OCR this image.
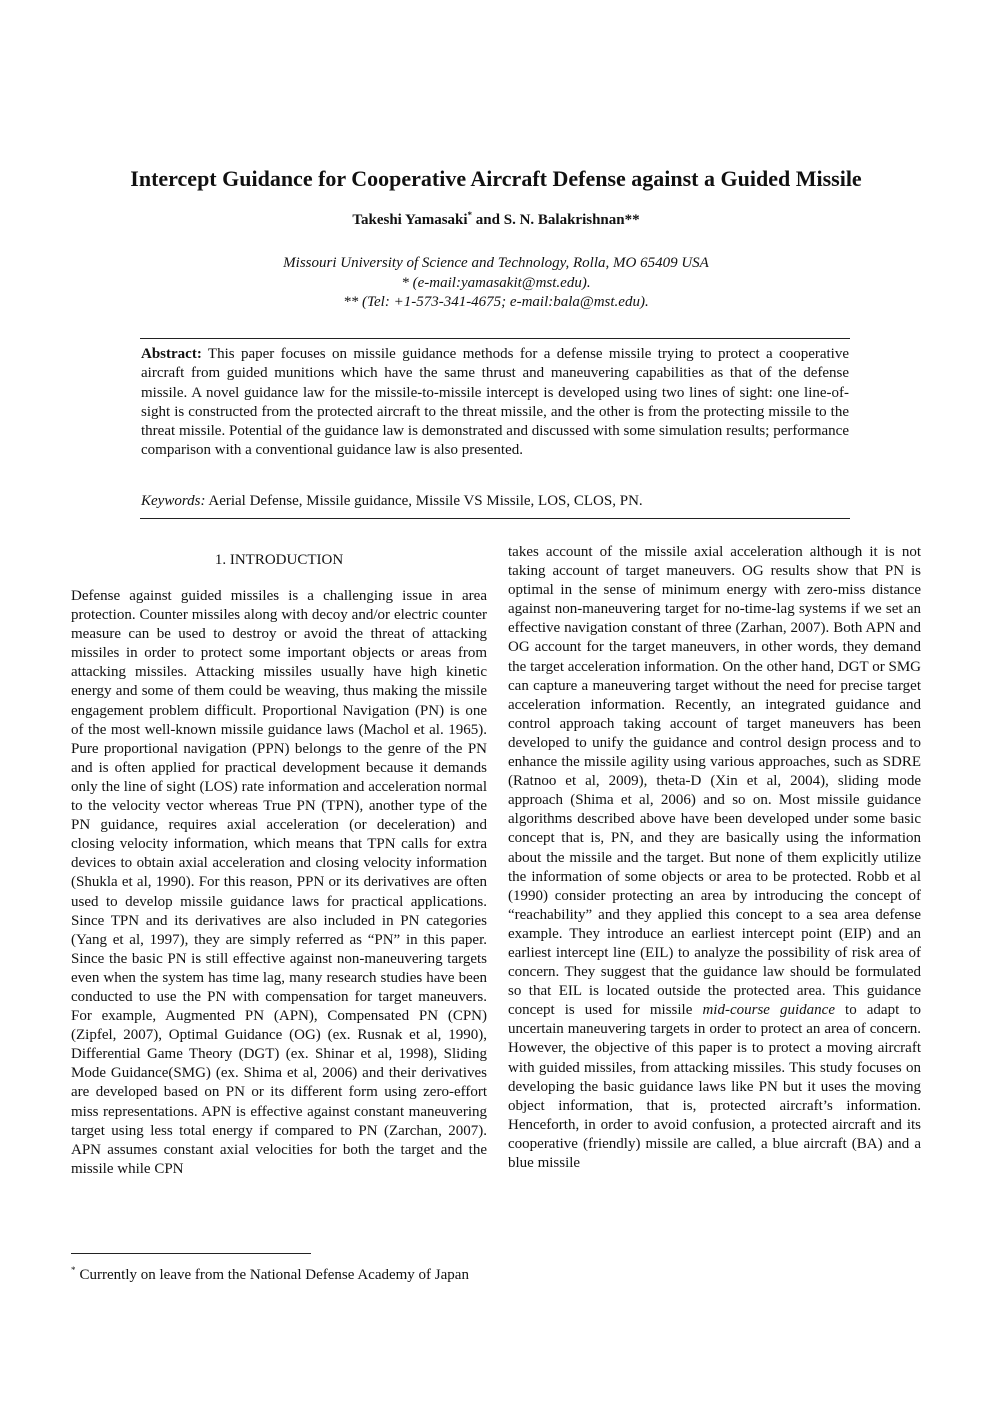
Intercept Guidance for Cooperative Aircraft Defense against a Guided Missile
Takeshi Yamasaki* and S. N. Balakrishnan**
Missouri University of Science and Technology, Rolla, MO 65409 USA
* (e-mail:yamasakit@mst.edu).
** (Tel: +1-573-341-4675; e-mail:bala@mst.edu).
Abstract: This paper focuses on missile guidance methods for a defense missile trying to protect a cooperative aircraft from guided munitions which have the same thrust and maneuvering capabilities as that of the defense missile. A novel guidance law for the missile-to-missile intercept is developed using two lines of sight: one line-of-sight is constructed from the protected aircraft to the threat missile, and the other is from the protecting missile to the threat missile. Potential of the guidance law is demonstrated and discussed with some simulation results; performance comparison with a conventional guidance law is also presented.
Keywords: Aerial Defense, Missile guidance, Missile VS Missile, LOS, CLOS, PN.
1. INTRODUCTION

Defense against guided missiles is a challenging issue in area protection. Counter missiles along with decoy and/or electric counter measure can be used to destroy or avoid the threat of attacking missiles in order to protect some important objects or areas from attacking missiles. Attacking missiles usually have high kinetic energy and some of them could be weaving, thus making the missile engagement problem difficult. Proportional Navigation (PN) is one of the most well-known missile guidance laws (Machol et al. 1965). Pure proportional navigation (PPN) belongs to the genre of the PN and is often applied for practical development because it demands only the line of sight (LOS) rate information and acceleration normal to the velocity vector whereas True PN (TPN), another type of the PN guidance, requires axial acceleration (or deceleration) and closing velocity information, which means that TPN calls for extra devices to obtain axial acceleration and closing velocity information (Shukla et al, 1990). For this reason, PPN or its derivatives are often used to develop missile guidance laws for practical applications. Since TPN and its derivatives are also included in PN categories (Yang et al, 1997), they are simply referred as “PN” in this paper. Since the basic PN is still effective against non-maneuvering targets even when the system has time lag, many research studies have been conducted to use the PN with compensation for target maneuvers. For example, Augmented PN (APN), Compensated PN (CPN) (Zipfel, 2007), Optimal Guidance (OG) (ex. Rusnak et al, 1990), Differential Game Theory (DGT) (ex. Shinar et al, 1998), Sliding Mode Guidance(SMG) (ex. Shima et al, 2006) and their derivatives are developed based on PN or its different form using zero-effort miss representations. APN is effective against constant maneuvering target using less total energy if compared to PN (Zarchan, 2007). APN assumes constant axial velocities for both the target and the missile while CPN

takes account of the missile axial acceleration although it is not taking account of target maneuvers. OG results show that PN is optimal in the sense of minimum energy with zero-miss distance against non-maneuvering target for no-time-lag systems if we set an effective navigation constant of three (Zarhan, 2007). Both APN and OG account for the target maneuvers, in other words, they demand the target acceleration information. On the other hand, DGT or SMG can capture a maneuvering target without the need for precise target acceleration information. Recently, an integrated guidance and control approach taking account of target maneuvers has been developed to unify the guidance and control design process and to enhance the missile agility using various approaches, such as SDRE (Ratnoo et al, 2009), theta-D (Xin et al, 2004), sliding mode approach (Shima et al, 2006) and so on. Most missile guidance algorithms described above have been developed under some basic concept that is, PN, and they are basically using the information about the missile and the target. But none of them explicitly utilize the information of some objects or area to be protected. Robb et al (1990) consider protecting an area by introducing the concept of “reachability” and they applied this concept to a sea area defense example. They introduce an earliest intercept point (EIP) and an earliest intercept line (EIL) to analyze the possibility of risk area of concern. They suggest that the guidance law should be formulated so that EIL is located outside the protected area. This guidance concept is used for missile mid-course guidance to adapt to uncertain maneuvering targets in order to protect an area of concern. However, the objective of this paper is to protect a moving aircraft with guided missiles, from attacking missiles. This study focuses on developing the basic guidance laws like PN but it uses the moving object information, that is, protected aircraft’s information. Henceforth, in order to avoid confusion, a protected aircraft and its cooperative (friendly) missile are called, a blue aircraft (BA) and a blue missile

* Currently on leave from the National Defense Academy of Japan
